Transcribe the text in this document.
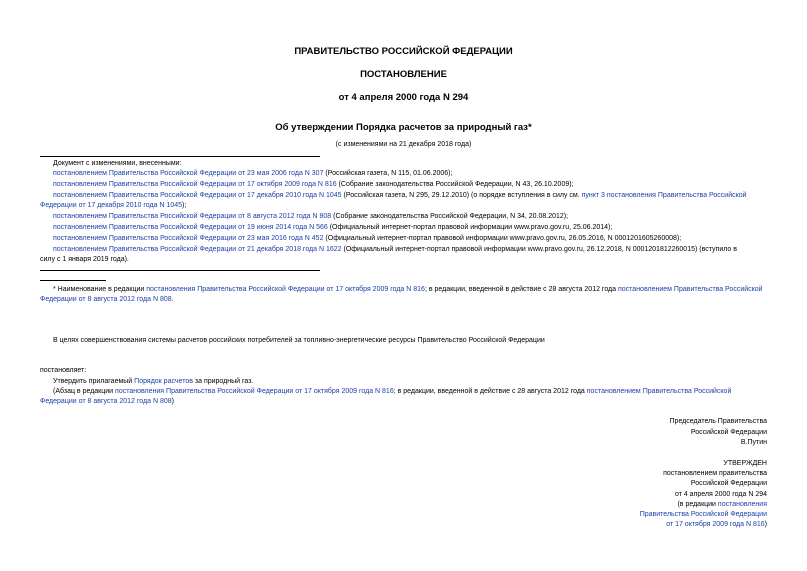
ПРАВИТЕЛЬСТВО РОССИЙСКОЙ ФЕДЕРАЦИИ
ПОСТАНОВЛЕНИЕ
от 4 апреля 2000 года N 294
Об утверждении Порядка расчетов за природный газ*
(с изменениями на 21 декабря 2018 года)
Документ с изменениями, внесенными:
постановлением Правительства Российской Федерации от 23 мая 2006 года N 307 (Российская газета, N 115, 01.06.2006);
постановлением Правительства Российской Федерации от 17 октября 2009 года N 816 (Собрание законодательства Российской Федерации, N 43, 26.10.2009);
постановлением Правительства Российской Федерации от 17 декабря 2010 года N 1045 (Российская газета, N 295, 29.12.2010) (о порядке вступления в силу см. пункт 3 постановления Правительства Российской
Федерации от 17 декабря 2010 года N 1045);
постановлением Правительства Российской Федерации от 8 августа 2012 года N 808 (Собрание законодательства Российской Федерации, N 34, 20.08.2012);
постановлением Правительства Российской Федерации от 19 июня 2014 года N 566 (Официальный интернет-портал правовой информации www.pravo.gov.ru, 25.06.2014);
постановлением Правительства Российской Федерации от 23 мая 2016 года N 452 (Официальный интернет-портал правовой информации www.pravo.gov.ru, 26.05.2016, N 0001201605260008);
постановлением Правительства Российской Федерации от 21 декабря 2018 года N 1622 (Официальный интернет-портал правовой информации www.pravo.gov.ru, 26.12.2018, N 0001201812260015) (вступило в
силу с 1 января 2019 года).
* Наименование в редакции постановления Правительства Российской Федерации от 17 октября 2009 года N 816; в редакции, введенной в действие с 28 августа 2012 года постановлением Правительства Российской
Федерации от 8 августа 2012 года N 808.
В целях совершенствования системы расчетов российских потребителей за топливно-энергетические ресурсы Правительство Российской Федерации
постановляет:
Утвердить прилагаемый Порядок расчетов за природный газ.
(Абзац в редакции постановления Правительства Российской Федерации от 17 октября 2009 года N 816; в редакции, введенной в действие с 28 августа 2012 года постановлением Правительства Российской
Федерации от 8 августа 2012 года N 808)
Председатель Правительства
Российской Федерации
В.Путин
УТВЕРЖДЕН
постановлением правительства
Российской Федерации
от 4 апреля 2000 года N 294
(в редакции постановления
Правительства Российской Федерации
от 17 октября 2009 года N 816)
